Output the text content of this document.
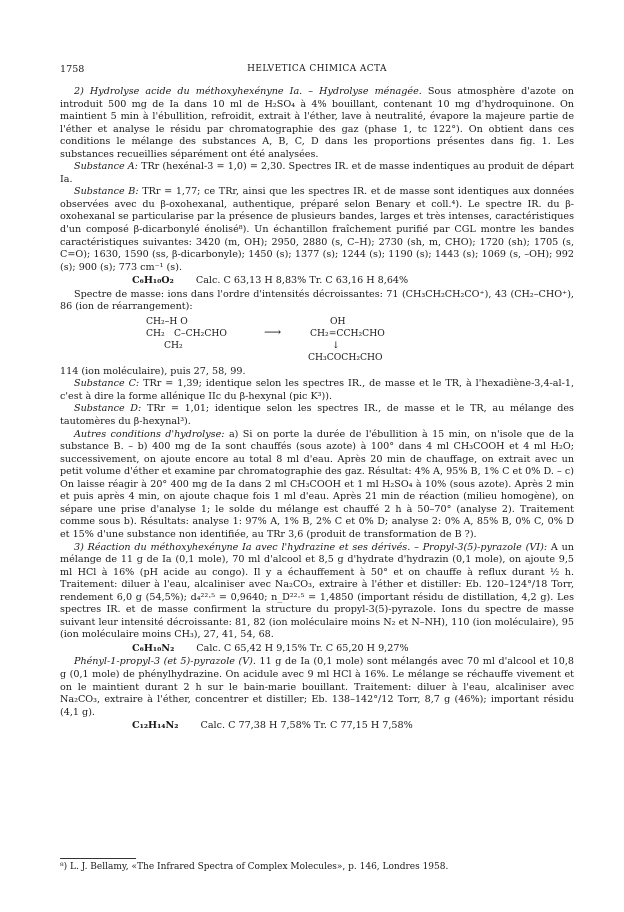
1758	HELVETICA CHIMICA ACTA

2) Hydrolyse acide du méthoxyhexényne Ia. – Hydrolyse ménagée. Sous atmosphère d'azote on introduit 500 mg de Ia dans 10 ml de H₂SO₄ à 4% bouillant, contenant 10 mg d'hydroquinone. On maintient 5 min à l'ébullition, refroidit, extrait à l'éther, lave à neutralité, évapore la majeure partie de l'éther et analyse le résidu par chromatographie des gaz (phase 1, tc 122°). On obtient dans ces conditions le mélange des substances A, B, C, D dans les proportions présentes dans fig. 1. Les substances recueillies séparément ont été analysées.

Substance A: TRr (hexénal-3 = 1,0) = 2,30. Spectres IR. et de masse indentiques au produit de départ Ia.

Substance B: TRr = 1,77; ce TRr, ainsi que les spectres IR. et de masse sont identiques aux données observées avec du β-oxohexanal, authentique, préparé selon Benary et coll.⁴). Le spectre IR. du β-oxohexanal se particularise par la présence de plusieurs bandes, larges et très intenses, caractéristiques d'un composé β-dicarbonylé énolisé⁸). Un échantillon fraîchement purifié par CGL montre les bandes caractéristiques suivantes: 3420 (m, OH); 2950, 2880 (s, C–H); 2730 (sh, m, CHO); 1720 (sh); 1705 (s, C=O); 1630, 1590 (ss, β-dicarbonyle); 1450 (s); 1377 (s); 1244 (s); 1190 (s); 1443 (s); 1069 (s, –OH); 992 (s); 900 (s); 773 cm⁻¹ (s).

C₆H₁₀O₂ Calc. C 63,13 H 8,83% Tr. C 63,16 H 8,64%

Spectre de masse: ions dans l'ordre d'intensités décroissantes: 71 (CH₃CH₂CH₂CO⁺), 43 (CH₂–CHO⁺), 86 (ion de réarrangement):

CH₂–H O
CH₂ C–CH₂CHO
CH₂
⟶
OH
CH₂=CCH₂CHO
↓
CH₃COCH₂CHO

114 (ion moléculaire), puis 27, 58, 99.

Substance C: TRr = 1,39; identique selon les spectres IR., de masse et le TR, à l'hexadiène-3,4-al-1, c'est à dire la forme allénique IIc du β-hexynal (pic K³)).

Substance D: TRr = 1,01; identique selon les spectres IR., de masse et le TR, au mélange des tautomères du β-hexynal³).

Autres conditions d'hydrolyse: a) Si on porte la durée de l'ébullition à 15 min, on n'isole que de la substance B. – b) 400 mg de Ia sont chauffés (sous azote) à 100° dans 4 ml CH₃COOH et 4 ml H₂O; successivement, on ajoute encore au total 8 ml d'eau. Après 20 min de chauffage, on extrait avec un petit volume d'éther et examine par chromatographie des gaz. Résultat: 4% A, 95% B, 1% C et 0% D. – c) On laisse réagir à 20° 400 mg de Ia dans 2 ml CH₃COOH et 1 ml H₂SO₄ à 10% (sous azote). Après 2 min et puis après 4 min, on ajoute chaque fois 1 ml d'eau. Après 21 min de réaction (milieu homogène), on sépare une prise d'analyse 1; le solde du mélange est chauffé 2 h à 50–70° (analyse 2). Traitement comme sous b). Résultats: analyse 1: 97% A, 1% B, 2% C et 0% D; analyse 2: 0% A, 85% B, 0% C, 0% D et 15% d'une substance non identifiée, au TRr 3,6 (produit de transformation de B ?).

3) Réaction du méthoxyhexényne Ia avec l'hydrazine et ses dérivés. – Propyl-3(5)-pyrazole (VI): A un mélange de 11 g de Ia (0,1 mole), 70 ml d'alcool et 8,5 g d'hydrate d'hydrazin (0,1 mole), on ajoute 9,5 ml HCl à 16% (pH acide au congo). Il y a échauffement à 50° et on chauffe à reflux durant ½ h. Traitement: diluer à l'eau, alcaliniser avec Na₂CO₃, extraire à l'éther et distiller: Eb. 120–124°/18 Torr, rendement 6,0 g (54,5%); d₄²²·⁵ = 0,9640; n_D²²·⁵ = 1,4850 (important résidu de distillation, 4,2 g). Les spectres IR. et de masse confirment la structure du propyl-3(5)-pyrazole. Ions du spectre de masse suivant leur intensité décroissante: 81, 82 (ion moléculaire moins N₂ et N–NH), 110 (ion moléculaire), 95 (ion moléculaire moins CH₃), 27, 41, 54, 68.

C₆H₁₀N₂ Calc. C 65,42 H 9,15% Tr. C 65,20 H 9,27%

Phényl-1-propyl-3 (et 5)-pyrazole (V). 11 g de Ia (0,1 mole) sont mélangés avec 70 ml d'alcool et 10,8 g (0,1 mole) de phénylhydrazine. On acidule avec 9 ml HCl à 16%. Le mélange se réchauffe vivement et on le maintient durant 2 h sur le bain-marie bouillant. Traitement: diluer à l'eau, alcaliniser avec Na₂CO₃, extraire à l'éther, concentrer et distiller; Eb. 138–142°/12 Torr, 8,7 g (46%); important résidu (4,1 g).

C₁₂H₁₄N₂ Calc. C 77,38 H 7,58% Tr. C 77,15 H 7,58%

⁸) L. J. Bellamy, «The Infrared Spectra of Complex Molecules», p. 146, Londres 1958.
